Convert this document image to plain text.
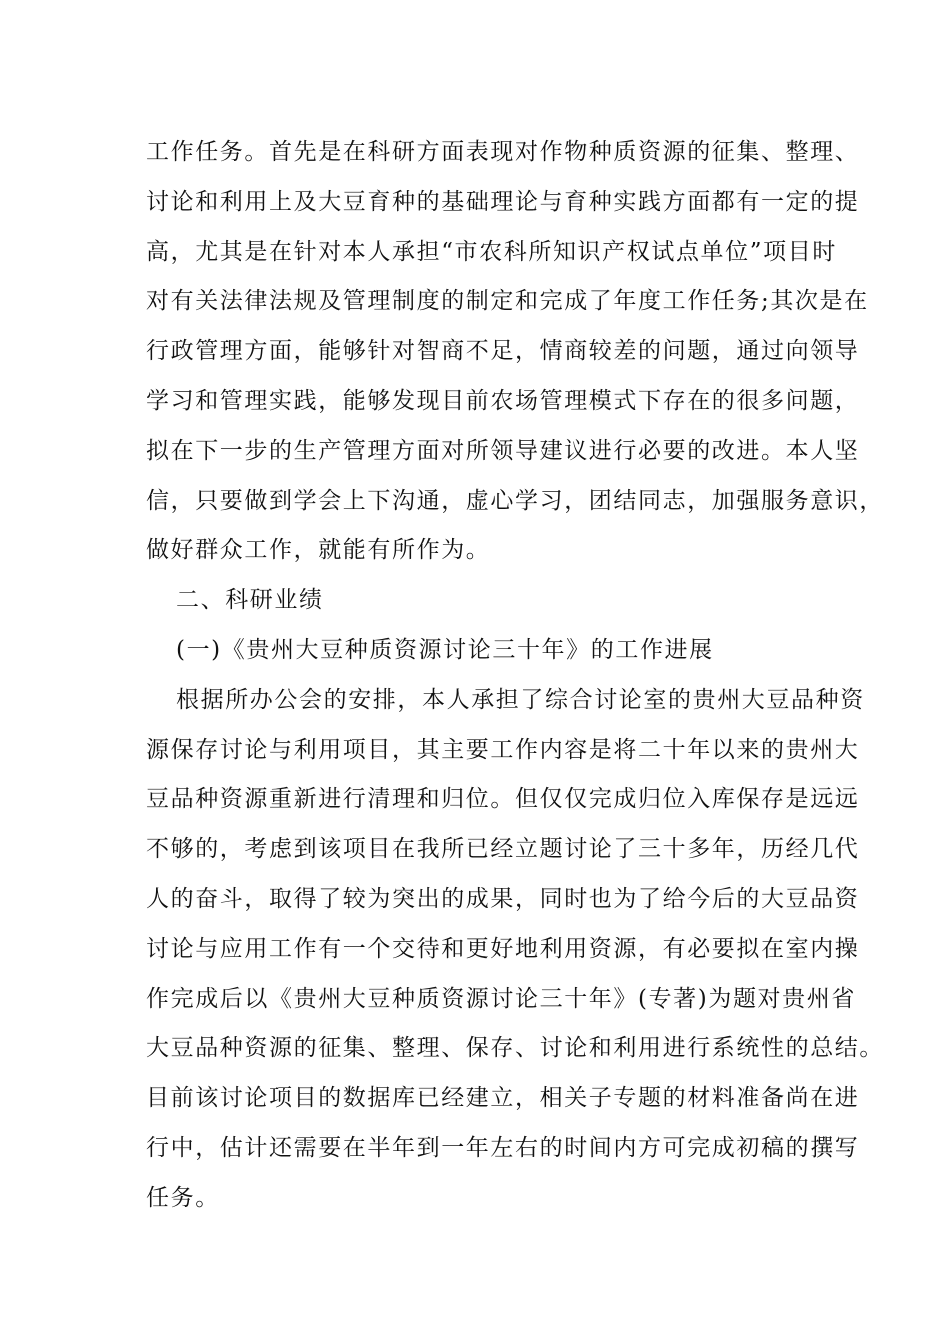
工作任务。首先是在科研方面表现对作物种质资源的征集、整理、
讨论和利用上及大豆育种的基础理论与育种实践方面都有一定的提
高，尤其是在针对本人承担“市农科所知识产权试点单位”项目时
对有关法律法规及管理制度的制定和完成了年度工作任务;其次是在
行政管理方面，能够针对智商不足，情商较差的问题，通过向领导
学习和管理实践，能够发现目前农场管理模式下存在的很多问题，
拟在下一步的生产管理方面对所领导建议进行必要的改进。本人坚
信，只要做到学会上下沟通，虚心学习，团结同志，加强服务意识，
做好群众工作，就能有所作为。
二、科研业绩
(一)《贵州大豆种质资源讨论三十年》的工作进展
根据所办公会的安排，本人承担了综合讨论室的贵州大豆品种资
源保存讨论与利用项目，其主要工作内容是将二十年以来的贵州大
豆品种资源重新进行清理和归位。但仅仅完成归位入库保存是远远
不够的，考虑到该项目在我所已经立题讨论了三十多年，历经几代
人的奋斗，取得了较为突出的成果，同时也为了给今后的大豆品资
讨论与应用工作有一个交待和更好地利用资源，有必要拟在室内操
作完成后以《贵州大豆种质资源讨论三十年》(专著)为题对贵州省
大豆品种资源的征集、整理、保存、讨论和利用进行系统性的总结。
目前该讨论项目的数据库已经建立，相关子专题的材料准备尚在进
行中，估计还需要在半年到一年左右的时间内方可完成初稿的撰写
任务。
